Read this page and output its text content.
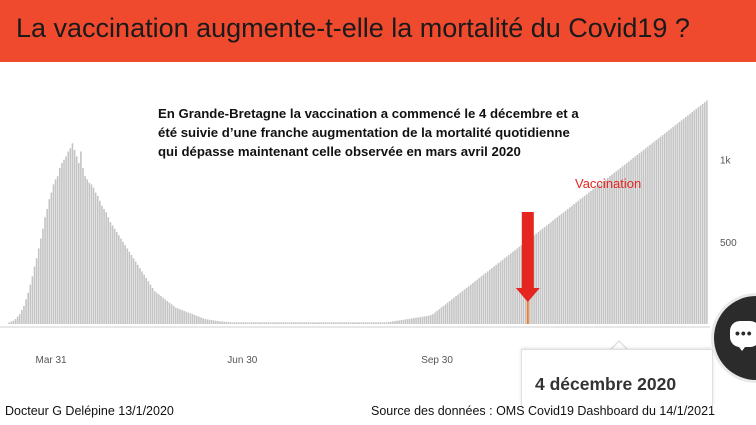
La vaccination augmente-t-elle la mortalité du Covid19 ?
Mar 31	Jun 30	Sep 30
500
1k
En Grande-Bretagne la vaccination a commencé le 4 décembre et a
été suivie d’une franche augmentation de la mortalité quotidienne
qui dépasse maintenant celle observée en mars avril 2020
Vaccination
4 décembre 2020
•••
Docteur G Delépine 13/1/2020	Source des données : OMS Covid19 Dashboard du 14/1/2021
